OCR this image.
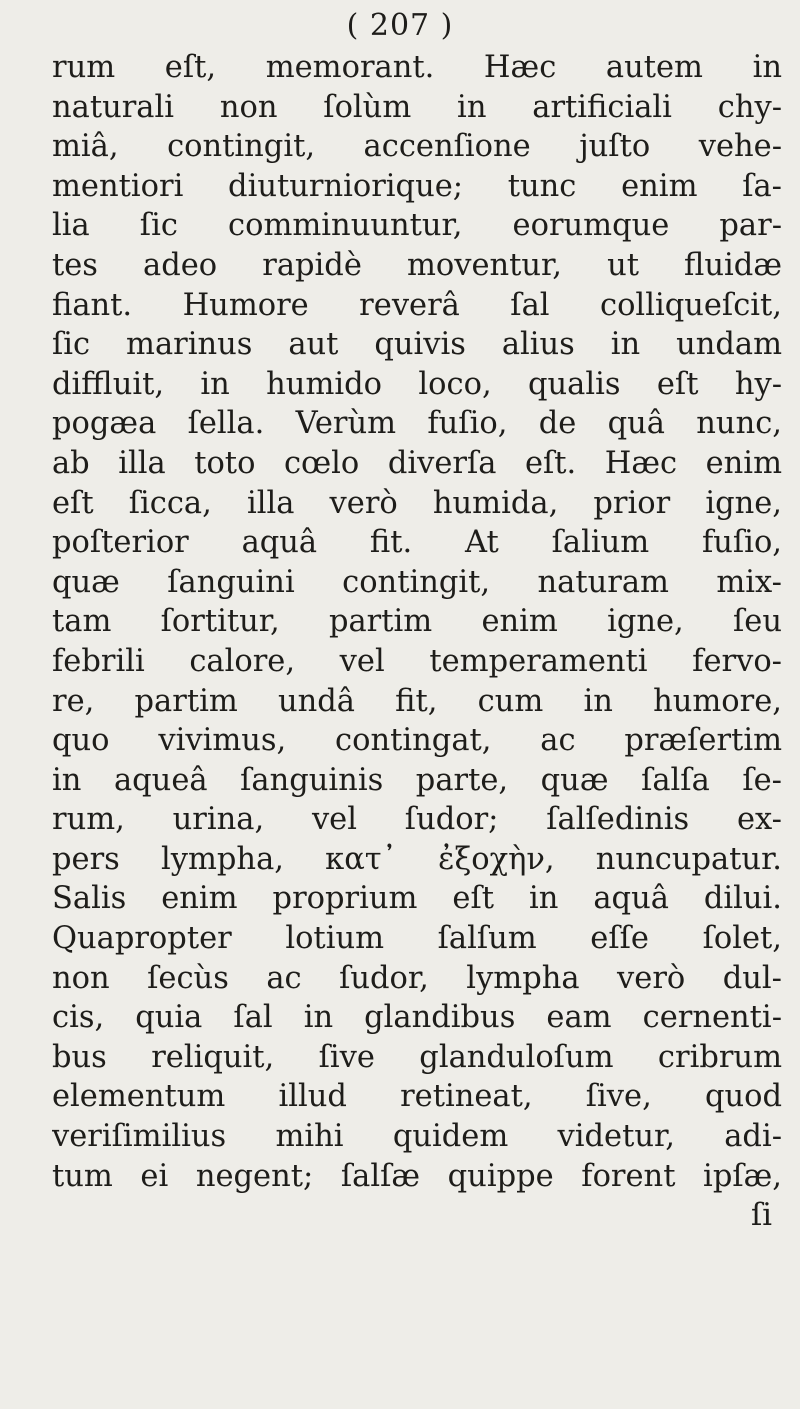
( 207 )
rum eſt, memorant. Hæc autem in
naturali non ſolùm in artificiali chy-
miâ, contingit, accenſione juſto vehe-
mentiori diuturniorique; tunc enim ſa-
lia ſic comminuuntur, eorumque par-
tes adeo rapidè moventur, ut fluidæ
fiant. Humore reverâ ſal colliqueſcit,
ſic marinus aut quivis alius in undam
diffluit, in humido loco, qualis eſt hy-
pogæa ſella. Verùm fuſio, de quâ nunc,
ab illa toto cœlo diverſa eſt. Hæc enim
eſt ſicca, illa verò humida, prior igne,
poſterior aquâ fit. At ſalium fuſio,
quæ ſanguini contingit, naturam mix-
tam ſortitur, partim enim igne, ſeu
febrili calore, vel temperamenti fervo-
re, partim undâ fit, cum in humore,
quo vivimus, contingat, ac præſertim
in aqueâ ſanguinis parte, quæ ſalſa ſe-
rum, urina, vel ſudor; ſalſedinis ex-
pers lympha, κατ᾽ ἐξοχὴν, nuncupatur.
Salis enim proprium eſt in aquâ dilui.
Quapropter lotium ſalſum eſſe ſolet,
non ſecùs ac ſudor, lympha verò dul-
cis, quia ſal in glandibus eam cernenti-
bus reliquit, ſive glanduloſum cribrum
elementum illud retineat, ſive, quod
veriſimilius mihi quidem videtur, adi-
tum ei negent; ſalſæ quippe forent ipſæ,
ſi
